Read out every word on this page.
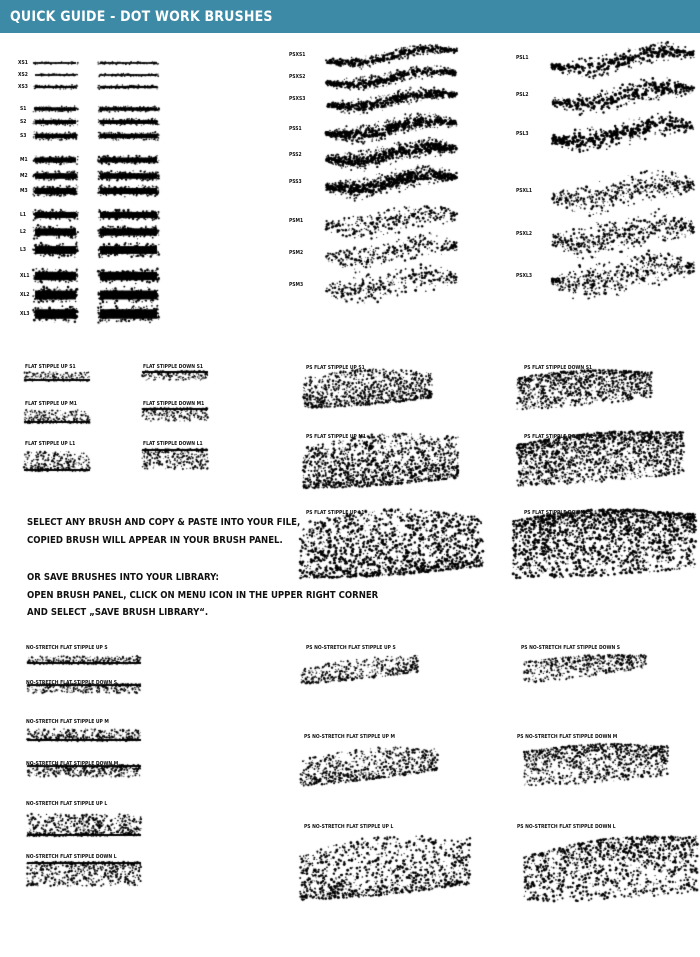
XS1
XS2
XS3
S1
S2
S3
M1
M2
M3
L1
L2
L3
XL1
XL2
XL3
PSXS1
PSXS2
PSXS3
PSS1
PSS2
PSS3
PSM1
PSM2
PSM3
PSL1
PSL2
PSL3
PSXL1
PSXL2
PSXL3
FLAT STIPPLE UP S1	FLAT STIPPLE DOWN S1
FLAT STIPPLE UP M1	FLAT STIPPLE DOWN M1
FLAT STIPPLE UP L1	FLAT STIPPLE DOWN L1
PS FLAT STIPPLE UP S1	PS FLAT STIPPLE DOWN S1
PS FLAT STIPPLE UP M1	PS FLAT STIPPLE DOWN M1
PS FLAT STIPPLE UP L1	PS FLAT STIPPLE DOWN L1
SELECT ANY BRUSH AND COPY & PASTE INTO YOUR FILE,
COPIED BRUSH WILL APPEAR IN YOUR BRUSH PANEL.
OR SAVE BRUSHES INTO YOUR LIBRARY:
OPEN BRUSH PANEL, CLICK ON MENU ICON IN THE UPPER RIGHT CORNER
AND SELECT „SAVE BRUSH LIBRARY“.
NO-STRETCH FLAT STIPPLE UP S
NO-STRETCH FLAT STIPPLE DOWN S
NO-STRETCH FLAT STIPPLE UP M
NO-STRETCH FLAT STIPPLE DOWN M
NO-STRETCH FLAT STIPPLE UP L
NO-STRETCH FLAT STIPPLE DOWN L
PS NO-STRETCH FLAT STIPPLE UP S	PS NO-STRETCH FLAT STIPPLE DOWN S
PS NO-STRETCH FLAT STIPPLE UP M	PS NO-STRETCH FLAT STIPPLE DOWN M
PS NO-STRETCH FLAT STIPPLE UP L	PS NO-STRETCH FLAT STIPPLE DOWN L
